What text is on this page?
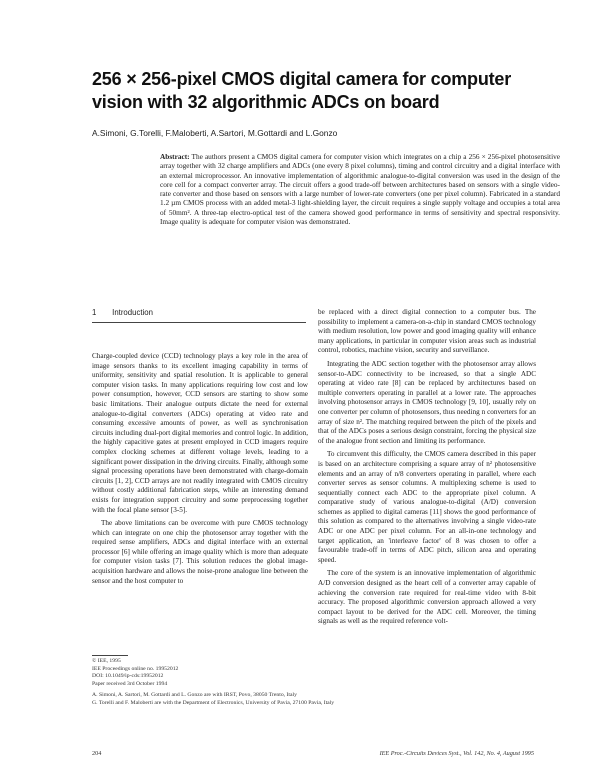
256 × 256-pixel CMOS digital camera for computer vision with 32 algorithmic ADCs on board
A.Simoni, G.Torelli, F.Maloberti, A.Sartori, M.Gottardi and L.Gonzo
Abstract: The authors present a CMOS digital camera for computer vision which integrates on a chip a 256 × 256-pixel photosensitive array together with 32 charge amplifiers and ADCs (one every 8 pixel columns), timing and control circuitry and a digital interface with an external microprocessor. An innovative implementation of algorithmic analogue-to-digital conversion was used in the design of the core cell for a compact converter array. The circuit offers a good trade-off between architectures based on sensors with a single video-rate converter and those based on sensors with a large number of lower-rate converters (one per pixel column). Fabricated in a standard 1.2 µm CMOS process with an added metal-3 light-shielding layer, the circuit requires a single supply voltage and occupies a total area of 50mm². A three-tap electro-optical test of the camera showed good performance in terms of sensitivity and spectral responsivity. Image quality is adequate for computer vision was demonstrated.
1 Introduction

Charge-coupled device (CCD) technology plays a key role in the area of image sensors thanks to its excellent imaging capability in terms of uniformity, sensitivity and spatial resolution. It is applicable to general computer vision tasks. In many applications requiring low cost and low power consumption, however, CCD sensors are starting to show some basic limitations. Their analogue outputs dictate the need for external analogue-to-digital converters (ADCs) operating at video rate and consuming excessive amounts of power, as well as synchronisation circuits including dual-port digital memories and control logic. In addition, the highly capacitive gates at present employed in CCD imagers require complex clocking schemes at different voltage levels, leading to a significant power dissipation in the driving circuits. Finally, although some signal processing operations have been demonstrated with charge-domain circuits [1, 2], CCD arrays are not readily integrated with CMOS circuitry without costly additional fabrication steps, while an interesting demand exists for integration support circuitry and some preprocessing together with the focal plane sensor [3-5].

The above limitations can be overcome with pure CMOS technology which can integrate on one chip the photosensor array together with the required sense amplifiers, ADCs and digital interface with an external processor [6] while offering an image quality which is more than adequate for computer vision tasks [7]. This solution reduces the global image-acquisition hardware and allows the noise-prone analogue line between the sensor and the host computer to

© IEE, 1995
IEE Proceedings online no. 19952012
DOI: 10.1049/ip-cds:19952012
Paper received 3rd October 1994
A. Simoni, A. Sartori, M. Gottardi and L. Gonzo are with IRST, Povo, 38050 Trento, Italy
G. Torelli and F. Maloberti are with the Department of Electronics, University of Pavia, 27100 Pavia, Italy

be replaced with a direct digital connection to a computer bus. The possibility to implement a camera-on-a-chip in standard CMOS technology with medium resolution, low power and good imaging quality will enhance many applications, in particular in computer vision areas such as industrial control, robotics, machine vision, security and surveillance.

Integrating the ADC section together with the photosensor array allows sensor-to-ADC connectivity to be increased, so that a single ADC operating at video rate [8] can be replaced by architectures based on multiple converters operating in parallel at a lower rate. The approaches involving photosensor arrays in CMOS technology [9, 10], usually rely on one converter per column of photosensors, thus needing n converters for an array of size n². The matching required between the pitch of the pixels and that of the ADCs poses a serious design constraint, forcing the physical size of the analogue front section and limiting its performance.

To circumvent this difficulty, the CMOS camera described in this paper is based on an architecture comprising a square array of n² photosensitive elements and an array of n/8 converters operating in parallel, where each converter serves as sensor columns. A multiplexing scheme is used to sequentially connect each ADC to the appropriate pixel column. A comparative study of various analogue-to-digital (A/D) conversion schemes as applied to digital cameras [11] shows the good performance of this solution as compared to the alternatives involving a single video-rate ADC or one ADC per pixel column. For an all-in-one technology and target application, an 'interleave factor' of 8 was chosen to offer a favourable trade-off in terms of ADC pitch, silicon area and operating speed.

The core of the system is an innovative implementation of algorithmic A/D conversion designed as the heart cell of a converter array capable of achieving the conversion rate required for real-time video with 8-bit accuracy. The proposed algorithmic conversion approach allowed a very compact layout to be derived for the ADC cell. Moreover, the timing signals as well as the required reference volt-

204	IEE Proc.-Circuits Devices Syst., Vol. 142, No. 4, August 1995
